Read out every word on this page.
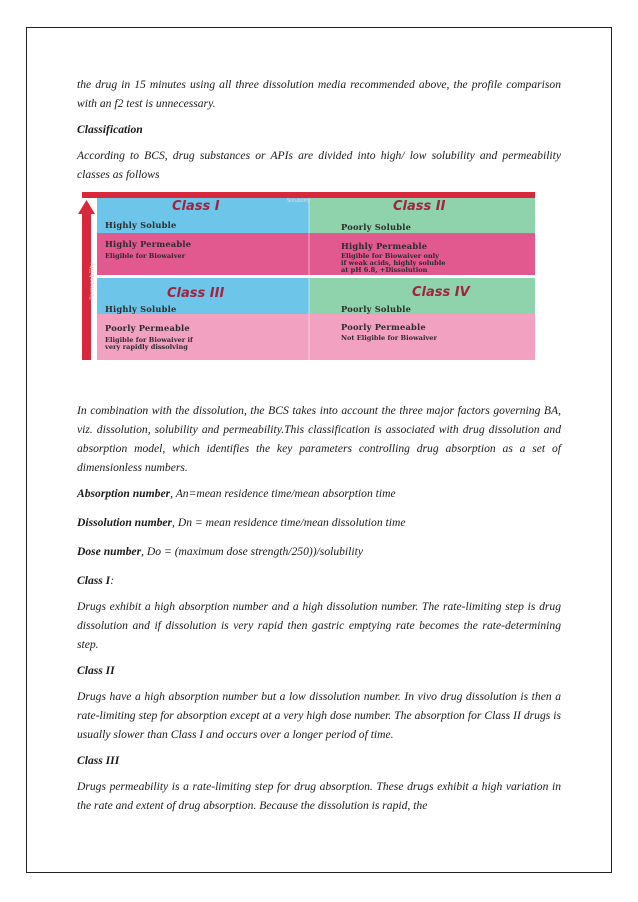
the drug in 15 minutes using all three dissolution media recommended above, the profile comparison with an f2 test is unnecessary.

Classification

According to BCS, drug substances or APIs are divided into high/ low solubility and permeability classes as follows

Solubility
Permeability
Class I
Highly Soluble
Highly Permeable
Eligible for Biowaiver
Class II
Poorly Soluble
Highly Permeable
Eligible for Biowaiver only
if weak acids, highly soluble
at pH 6.8, +Dissolution
Class III
Highly Soluble
Poorly Permeable
Eligible for Biowaiver if
very rapidly dissolving
Class IV
Poorly Soluble
Poorly Permeable
Not Eligible for Biowaiver

In combination with the dissolution, the BCS takes into account the three major factors governing BA, viz. dissolution, solubility and permeability.This classification is associated with drug dissolution and absorption model, which identifies the key parameters controlling drug absorption as a set of dimensionless numbers.

Absorption number, An=mean residence time/mean absorption time

Dissolution number, Dn = mean residence time/mean dissolution time

Dose number, Do = (maximum dose strength/250))/solubility

Class I:

Drugs exhibit a high absorption number and a high dissolution number. The rate-limiting step is drug dissolution and if dissolution is very rapid then gastric emptying rate becomes the rate-determining step.

Class II

Drugs have a high absorption number but a low dissolution number. In vivo drug dissolution is then a rate-limiting step for absorption except at a very high dose number. The absorption for Class II drugs is usually slower than Class I and occurs over a longer period of time.

Class III

Drugs permeability is a rate-limiting step for drug absorption. These drugs exhibit a high variation in the rate and extent of drug absorption. Because the dissolution is rapid, the
